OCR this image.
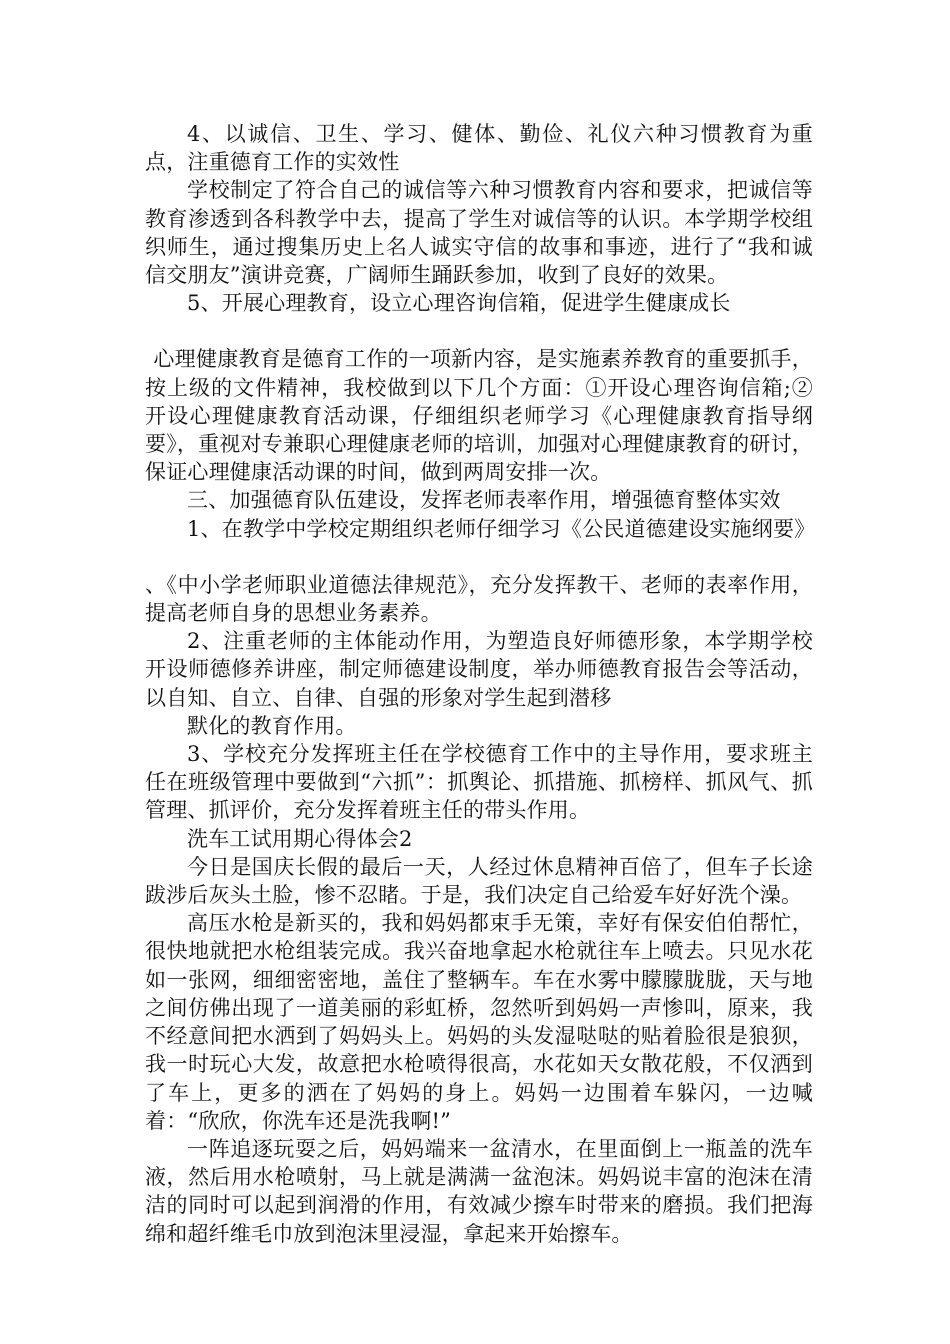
4、以诚信、卫生、学习、健体、勤俭、礼仪六种习惯教育为重点，注重德育工作的实效性

学校制定了符合自己的诚信等六种习惯教育内容和要求，把诚信等教育渗透到各科教学中去，提高了学生对诚信等的认识。本学期学校组织师生，通过搜集历史上名人诚实守信的故事和事迹，进行了“我和诚信交朋友”演讲竞赛，广阔师生踊跃参加，收到了良好的效果。

5、开展心理教育，设立心理咨询信箱，促进学生健康成长

心理健康教育是德育工作的一项新内容，是实施素养教育的重要抓手，按上级的文件精神，我校做到以下几个方面：①开设心理咨询信箱;② 开设心理健康教育活动课，仔细组织老师学习《心理健康教育指导纲要》，重视对专兼职心理健康老师的培训，加强对心理健康教育的研讨，保证心理健康活动课的时间，做到两周安排一次。

三、加强德育队伍建设，发挥老师表率作用，增强德育整体实效

1、在教学中学校定期组织老师仔细学习《公民道德建设实施纲要》

、《中小学老师职业道德法律规范》，充分发挥教干、老师的表率作用，提高老师自身的思想业务素养。

2、注重老师的主体能动作用，为塑造良好师德形象，本学期学校开设师德修养讲座，制定师德建设制度，举办师德教育报告会等活动，以自知、自立、自律、自强的形象对学生起到潜移

默化的教育作用。

3、学校充分发挥班主任在学校德育工作中的主导作用，要求班主任在班级管理中要做到“六抓”：抓舆论、抓措施、抓榜样、抓风气、抓管理、抓评价，充分发挥着班主任的带头作用。

洗车工试用期心得体会2

今日是国庆长假的最后一天，人经过休息精神百倍了，但车子长途跋涉后灰头土脸，惨不忍睹。于是，我们决定自己给爱车好好洗个澡。

高压水枪是新买的，我和妈妈都束手无策，幸好有保安伯伯帮忙，很快地就把水枪组装完成。我兴奋地拿起水枪就往车上喷去。只见水花如一张网，细细密密地，盖住了整辆车。车在水雾中朦朦胧胧，天与地之间仿佛出现了一道美丽的彩虹桥，忽然听到妈妈一声惨叫，原来，我不经意间把水洒到了妈妈头上。妈妈的头发湿哒哒的贴着脸很是狼狈，我一时玩心大发，故意把水枪喷得很高，水花如天女散花般，不仅洒到了车上，更多的洒在了妈妈的身上。妈妈一边围着车躲闪，一边喊着：“欣欣，你洗车还是洗我啊!”

一阵追逐玩耍之后，妈妈端来一盆清水，在里面倒上一瓶盖的洗车液，然后用水枪喷射，马上就是满满一盆泡沫。妈妈说丰富的泡沫在清洁的同时可以起到润滑的作用，有效减少擦车时带来的磨损。我们把海绵和超纤维毛巾放到泡沫里浸湿，拿起来开始擦车。
